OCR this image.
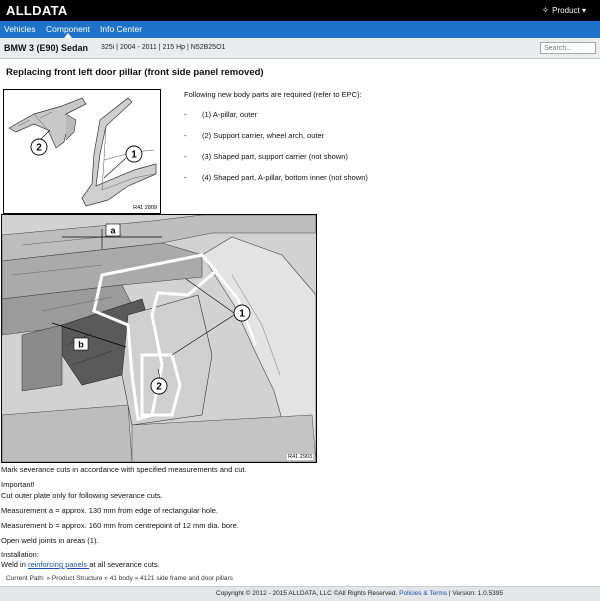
ALLDATA	✧ Product ▾
Vehicles Component Info Center
BMW 3 (E90) Sedan 325i | 2004 - 2011 | 215 Hp | N52B25O1
Search...
Replacing front left door pillar (front side panel removed)
1
2
R41 2809
Following new body parts are required (refer to EPC):
- (1) A-pillar, outer
- (2) Support carrier, wheel arch, outer
- (3) Shaped part, support carrier (not shown)
- (4) Shaped part, A-pillar, bottom inner (not shown)
a
b
1
2
R41 2903
Mark severance cuts in accordance with specified measurements and cut.
Important!
Cut outer plate only for following severance cuts.
Measurement a = approx. 130 mm from edge of rectangular hole.
Measurement b = approx. 160 mm from centrepoint of 12 mm dia. bore.
Open weld joints in areas (1).
Installation:
Weld in reinforcing panels at all severance cuts.
Current Path: » Product Structure » 41 body » 4121 side frame and door pillars
Copyright © 2012 - 2015 ALLDATA, LLC ©All Rights Reserved. Policies & Terms | Version: 1.0.5395
